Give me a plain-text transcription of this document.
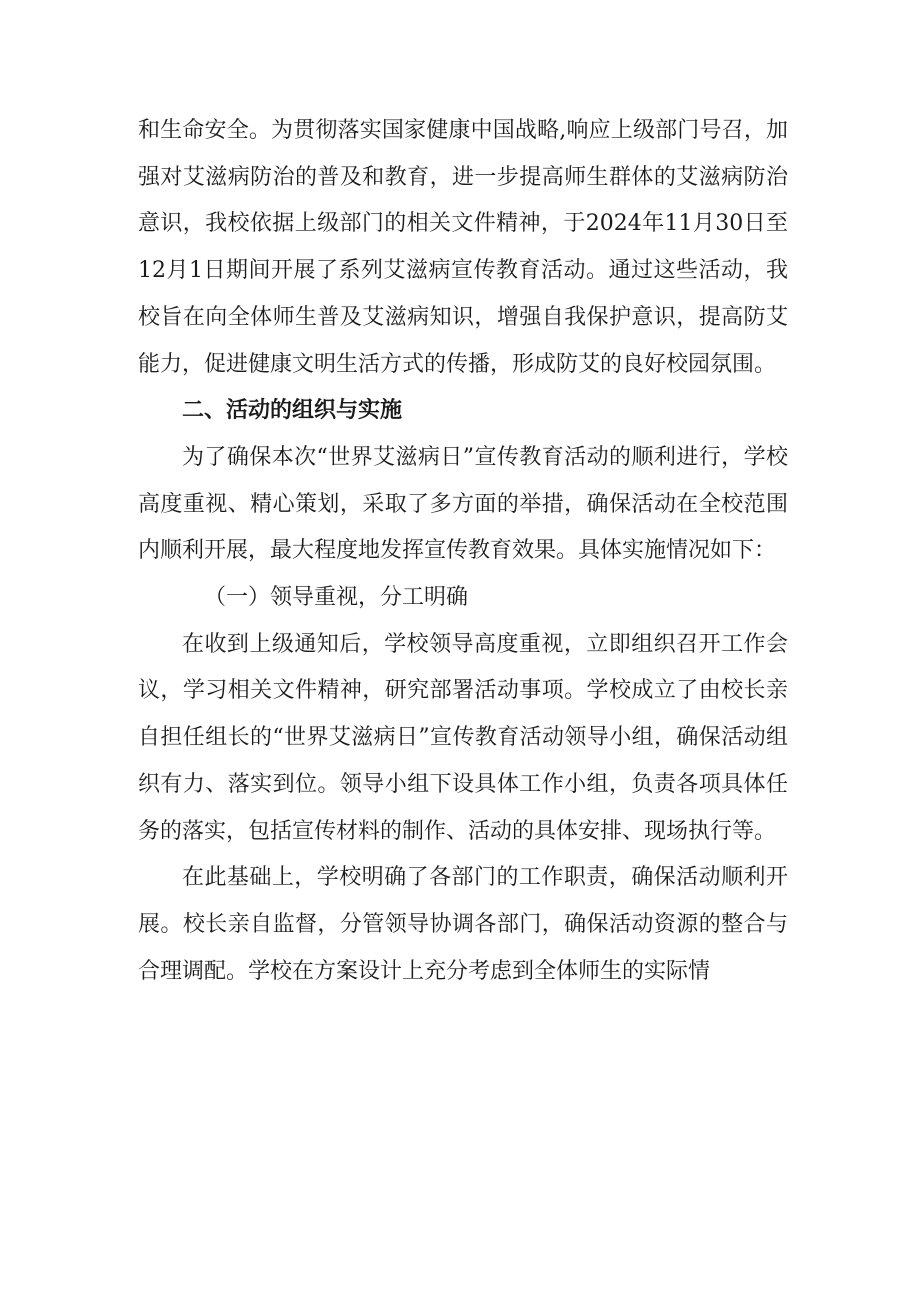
和生命安全。为贯彻落实国家健康中国战略,响应上级部门号召，加强对艾滋病防治的普及和教育，进一步提高师生群体的艾滋病防治意识，我校依据上级部门的相关文件精神，于2024年11月30日至12月1日期间开展了系列艾滋病宣传教育活动。通过这些活动，我校旨在向全体师生普及艾滋病知识，增强自我保护意识，提高防艾能力，促进健康文明生活方式的传播，形成防艾的良好校园氛围。

二、活动的组织与实施

为了确保本次“世界艾滋病日”宣传教育活动的顺利进行，学校高度重视、精心策划，采取了多方面的举措，确保活动在全校范围内顺利开展，最大程度地发挥宣传教育效果。具体实施情况如下：

（一）领导重视，分工明确

在收到上级通知后，学校领导高度重视，立即组织召开工作会议，学习相关文件精神，研究部署活动事项。学校成立了由校长亲自担任组长的“世界艾滋病日”宣传教育活动领导小组，确保活动组织有力、落实到位。领导小组下设具体工作小组，负责各项具体任务的落实，包括宣传材料的制作、活动的具体安排、现场执行等。

在此基础上，学校明确了各部门的工作职责，确保活动顺利开展。校长亲自监督，分管领导协调各部门，确保活动资源的整合与合理调配。学校在方案设计上充分考虑到全体师生的实际情
